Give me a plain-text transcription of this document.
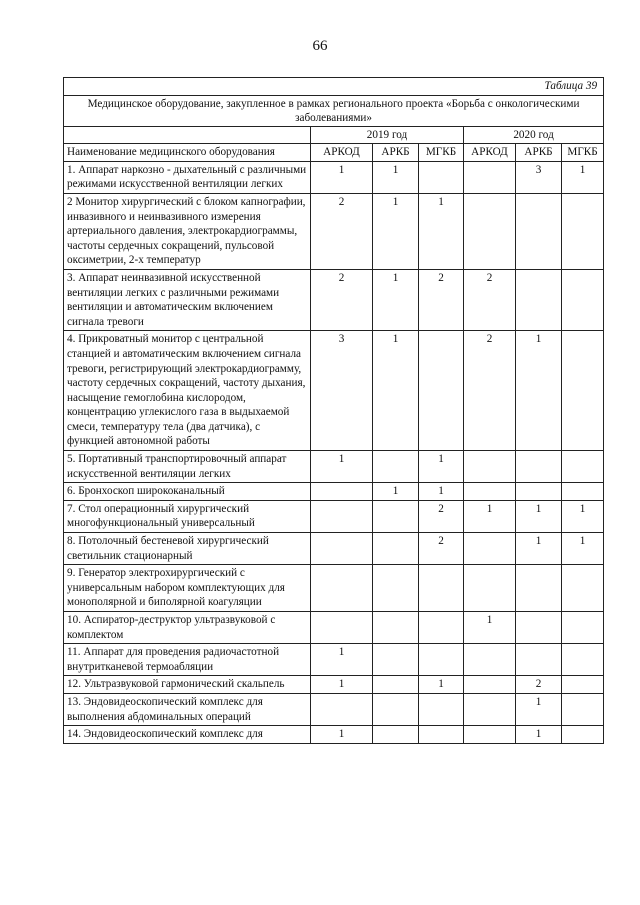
66
Таблица 39						
Медицинское оборудование, закупленное в рамках регионального проекта «Борьба с онкологическими заболеваниями»						
	2019 год			2020 год		
Наименование медицинского оборудования	АРКОД	АРКБ	МГКБ	АРКОД	АРКБ	МГКБ
1. Аппарат наркозно - дыхательный с различными режимами искусственной вентиляции легких	1	1			3	1
2 Монитор хирургический с блоком капнографии, инвазивного и неинвазивного измерения артериального давления, электрокардиограммы, частоты сердечных сокращений, пульсовой оксиметрии, 2-х температур	2	1	1			
3. Аппарат неинвазивной искусственной вентиляции легких с различными режимами вентиляции и автоматическим включением сигнала тревоги	2	1	2	2		
4. Прикроватный монитор с центральной станцией и автоматическим включением сигнала тревоги, регистрирующий электрокардиограмму, частоту сердечных сокращений, частоту дыхания, насыщение гемоглобина кислородом, концентрацию углекислого газа в выдыхаемой смеси, температуру тела (два датчика), с функцией автономной работы	3	1		2	1	
5. Портативный транспортировочный аппарат искусственной вентиляции легких	1		1			
6. Бронхоскоп ширококанальный		1	1			
7. Стол операционный хирургический многофункциональный универсальный			2	1	1	1
8. Потолочный бестеневой хирургический светильник стационарный			2		1	1
9. Генератор электрохирургический с универсальным набором комплектующих для монополярной и биполярной коагуляции						
10. Аспиратор-деструктор ультразвуковой с комплектом				1		
11. Аппарат для проведения радиочастотной внутритканевой термоабляции	1					
12. Ультразвуковой гармонический скальпель	1		1		2	
13. Эндовидеоскопический комплекс для выполнения абдоминальных операций					1	
14. Эндовидеоскопический комплекс для	1				1	
